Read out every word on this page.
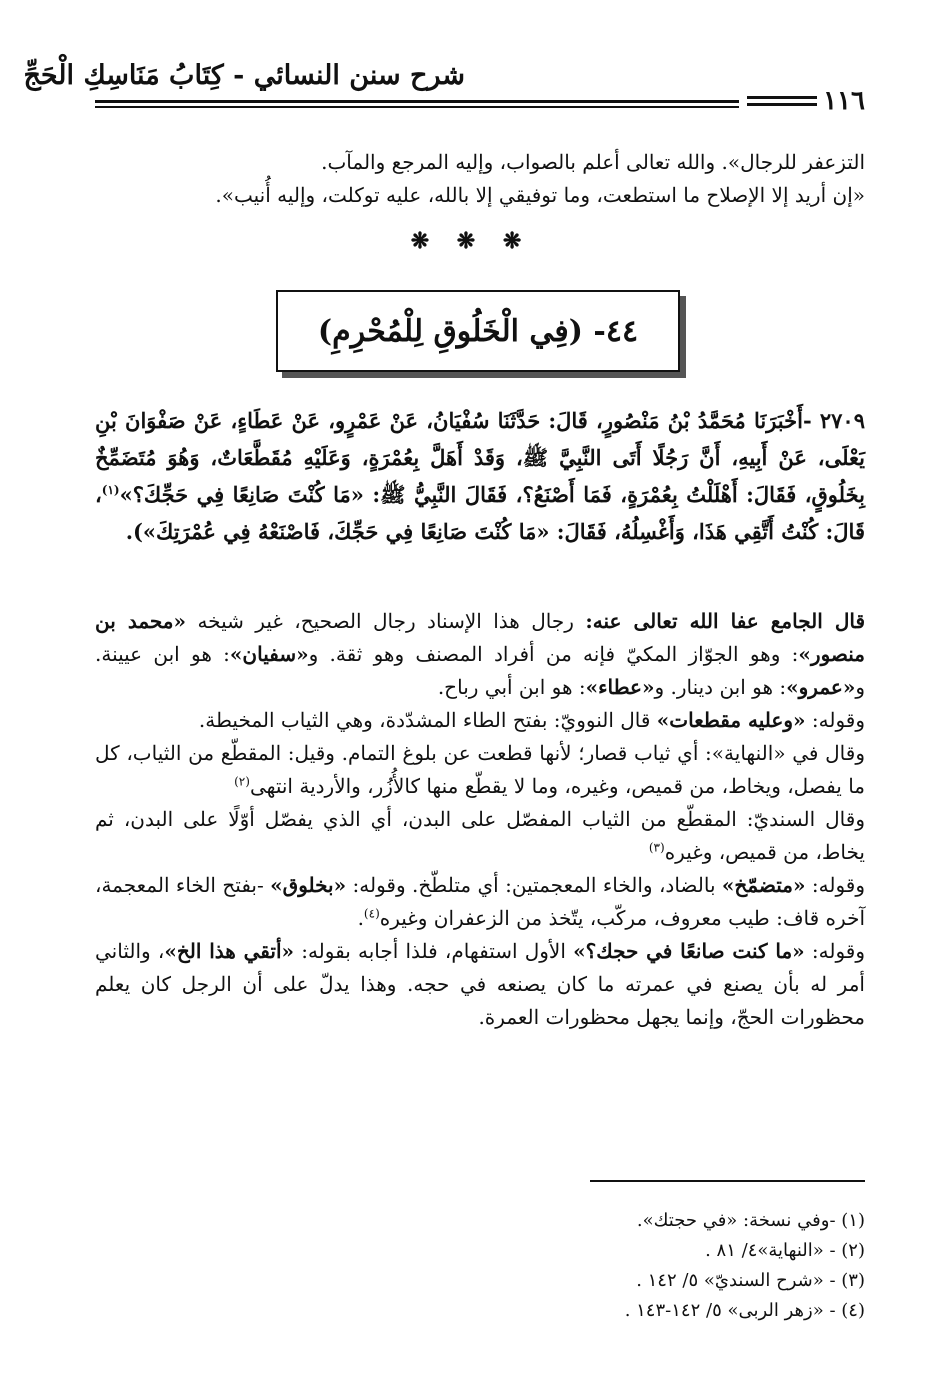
شرح سنن النسائي - كِتَابُ مَنَاسِكِ الْحَجِّ
١١٦
التزعفر للرجال». والله تعالى أعلم بالصواب، وإليه المرجع والمآب.
«إن أريد إلا الإصلاح ما استطعت، وما توفيقي إلا بالله، عليه توكلت، وإليه أُنيب».
❋ ❋ ❋
٤٤- (فِي الْخَلُوقِ لِلْمُحْرِمِ)
٢٧٠٩ -أَخْبَرَنَا مُحَمَّدُ بْنُ مَنْصُورٍ، قَالَ: حَدَّثَنَا سُفْيَانُ، عَنْ عَمْرٍو، عَنْ عَطَاءٍ، عَنْ صَفْوَانَ بْنِ يَعْلَى، عَنْ أَبِيهِ، أَنَّ رَجُلًا أَتَى النَّبِيَّ ﷺ، وَقَدْ أَهَلَّ بِعُمْرَةٍ، وَعَلَيْهِ مُقَطَّعَاتٌ، وَهُوَ مُتَضَمِّخٌ بِخَلُوقٍ، فَقَالَ: أَهْلَلْتُ بِعُمْرَةٍ، فَمَا أَصْنَعُ؟، فَقَالَ النَّبِيُّ ﷺ: «مَا كُنْتَ صَانِعًا فِي حَجِّكَ؟»$^{(١)}$، قَالَ: كُنْتُ أَتَّقِي هَذَا، وَأَغْسِلُهُ، فَقَالَ: «مَا كُنْتَ صَانِعًا فِي حَجِّكَ، فَاصْنَعْهُ فِي عُمْرَتِكَ»).
قال الجامع عفا الله تعالى عنه: رجال هذا الإسناد رجال الصحيح، غير شيخه «محمد بن منصور»: وهو الجوّاز المكيّ فإنه من أفراد المصنف وهو ثقة. و«سفيان»: هو ابن عيينة. و«عمرو»: هو ابن دينار. و«عطاء»: هو ابن أبي رباح.
وقوله: «وعليه مقطعات» قال النوويّ: بفتح الطاء المشدّدة، وهي الثياب المخيطة.
وقال في «النهاية»: أي ثياب قصار؛ لأنها قطعت عن بلوغ التمام. وقيل: المقطّع من الثياب، كل ما يفصل، ويخاط، من قميص، وغيره، وما لا يقطّع منها كالأُزُر، والأردية انتهى$^{(٢)}$
وقال السنديّ: المقطّع من الثياب المفصّل على البدن، أي الذي يفصّل أوّلًا على البدن، ثم يخاط، من قميص، وغيره$^{(٣)}$
وقوله: «متضمّخ» بالضاد، والخاء المعجمتين: أي متلطّخ. وقوله: «بخلوق» -بفتح الخاء المعجمة، آخره قاف: طيب معروف، مركّب، يتّخذ من الزعفران وغيره$^{(٤)}$.
وقوله: «ما كنت صانعًا في حجك؟» الأول استفهام، فلذا أجابه بقوله: «أتقي هذا الخ»، والثاني أمر له بأن يصنع في عمرته ما كان يصنعه في حجه. وهذا يدلّ على أن الرجل كان يعلم محظورات الحجّ، وإنما يجهل محظورات العمرة.
(١) -وفي نسخة: «في حجتك».
(٢) - «النهاية»٤/ ٨١ .
(٣) - «شرح السنديّ» ٥/ ١٤٢ .
(٤) - «زهر الربى» ٥/ ١٤٢-١٤٣ .
